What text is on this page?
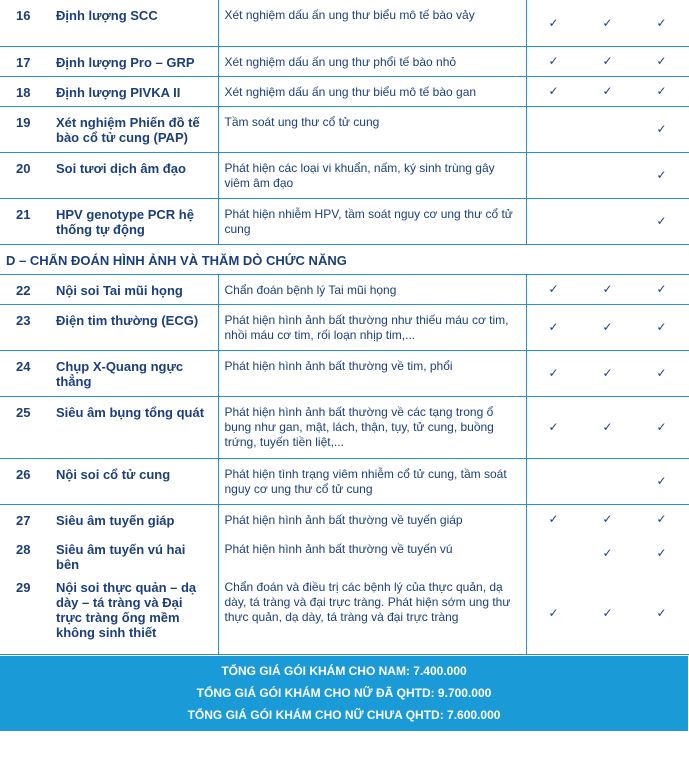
16	Định lượng SCC	Xét nghiệm dấu ấn ung thư biểu mô tế bào vảy	✓	✓	✓
17	Định lượng Pro – GRP	Xét nghiệm dấu ấn ung thư phổi tế bào nhỏ	✓	✓	✓
18	Định lượng PIVKA II	Xét nghiệm dấu ấn ung thư biểu mô tế bào gan	✓	✓	✓
19	Xét nghiệm Phiến đồ tế bào cổ tử cung (PAP)	Tầm soát ung thư cổ tử cung			✓
20	Soi tươi dịch âm đạo	Phát hiện các loại vi khuẩn, nấm, ký sinh trùng gây viêm âm đạo			✓
21	HPV genotype PCR hệ thống tự động	Phát hiện nhiễm HPV, tầm soát nguy cơ ung thư cổ tử cung			✓
D – CHẨN ĐOÁN HÌNH ẢNH VÀ THĂM DÒ CHỨC NĂNG					
22	Nội soi Tai mũi họng	Chẩn đoán bệnh lý Tai mũi họng	✓	✓	✓
23	Điện tim thường (ECG)	Phát hiện hình ảnh bất thường như thiếu máu cơ tim, nhồi máu cơ tim, rối loạn nhịp tim,...	✓	✓	✓
24	Chụp X-Quang ngực thẳng	Phát hiện hình ảnh bất thường về tim, phổi	✓	✓	✓
25	Siêu âm bụng tổng quát	Phát hiện hình ảnh bất thường về các tạng trong ổ bụng như gan, mật, lách, thận, tụy, tử cung, buồng trứng, tuyến tiền liệt,...	✓	✓	✓
26	Nội soi cổ tử cung	Phát hiện tình trạng viêm nhiễm cổ tử cung, tầm soát nguy cơ ung thư cổ tử cung			✓
27	Siêu âm tuyến giáp	Phát hiện hình ảnh bất thường về tuyến giáp	✓	✓	✓
28	Siêu âm tuyến vú hai bên	Phát hiện hình ảnh bất thường về tuyến vú		✓	✓
29	Nội soi thực quản – dạ dày – tá tràng và Đại trực tràng ống mềm không sinh thiết	Chẩn đoán và điều trị các bệnh lý của thực quản, dạ dày, tá tràng và đại trực tràng. Phát hiện sớm ung thư thực quản, dạ dày, tá tràng và đại trực tràng	✓	✓	✓
TỔNG GIÁ GÓI KHÁM CHO NAM: 7.400.000
TỔNG GIÁ GÓI KHÁM CHO NỮ ĐÃ QHTD: 9.700.000
TỔNG GIÁ GÓI KHÁM CHO NỮ CHƯA QHTD: 7.600.000
